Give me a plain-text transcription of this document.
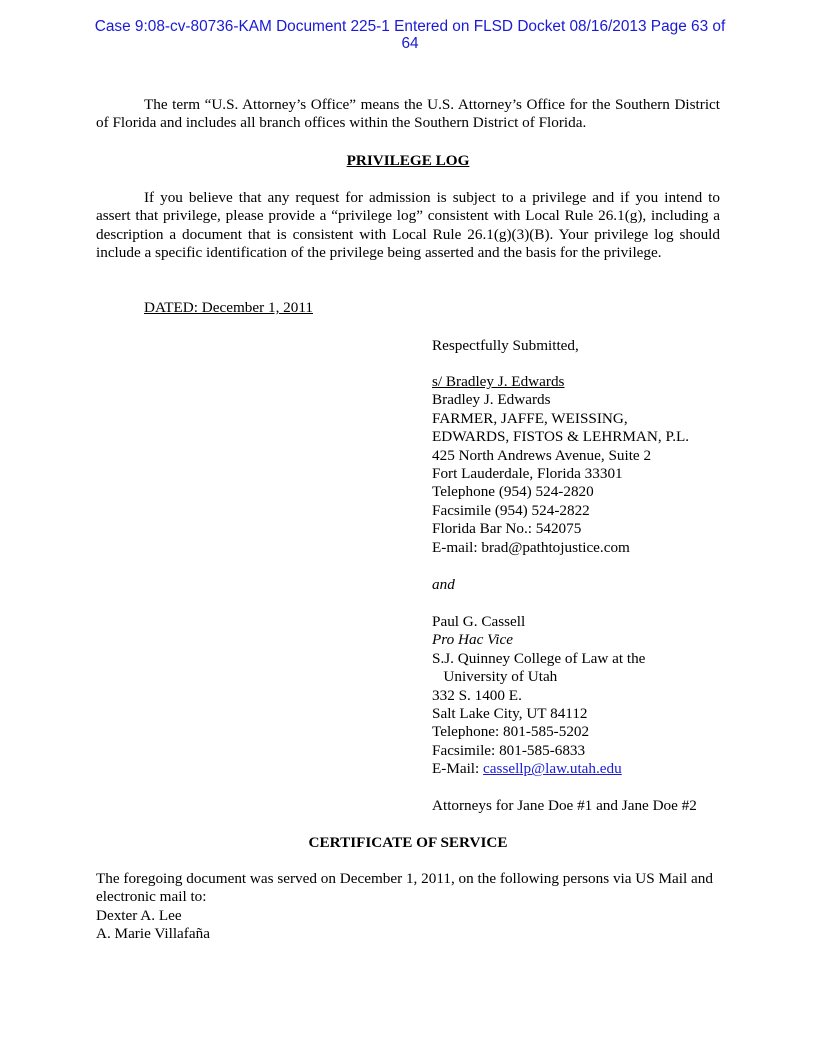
Case 9:08-cv-80736-KAM Document 225-1 Entered on FLSD Docket 08/16/2013 Page 63 of
64

The term “U.S. Attorney’s Office” means the U.S. Attorney’s Office for the Southern District of Florida and includes all branch offices within the Southern District of Florida.

PRIVILEGE LOG

If you believe that any request for admission is subject to a privilege and if you intend to assert that privilege, please provide a “privilege log” consistent with Local Rule 26.1(g), including a description a document that is consistent with Local Rule 26.1(g)(3)(B). Your privilege log should include a specific identification of the privilege being asserted and the basis for the privilege.

DATED: December 1, 2011

Respectfully Submitted,

s/ Bradley J. Edwards
Bradley J. Edwards
FARMER, JAFFE, WEISSING,
EDWARDS, FISTOS & LEHRMAN, P.L.
425 North Andrews Avenue, Suite 2
Fort Lauderdale, Florida 33301
Telephone (954) 524-2820
Facsimile (954) 524-2822
Florida Bar No.: 542075
E-mail: brad@pathtojustice.com

and

Paul G. Cassell
Pro Hac Vice
S.J. Quinney College of Law at the
University of Utah
332 S. 1400 E.
Salt Lake City, UT 84112
Telephone: 801-585-5202
Facsimile: 801-585-6833
E-Mail: cassellp@law.utah.edu

Attorneys for Jane Doe #1 and Jane Doe #2

CERTIFICATE OF SERVICE

The foregoing document was served on December 1, 2011, on the following persons via US Mail and electronic mail to:
Dexter A. Lee
A. Marie Villafaña
